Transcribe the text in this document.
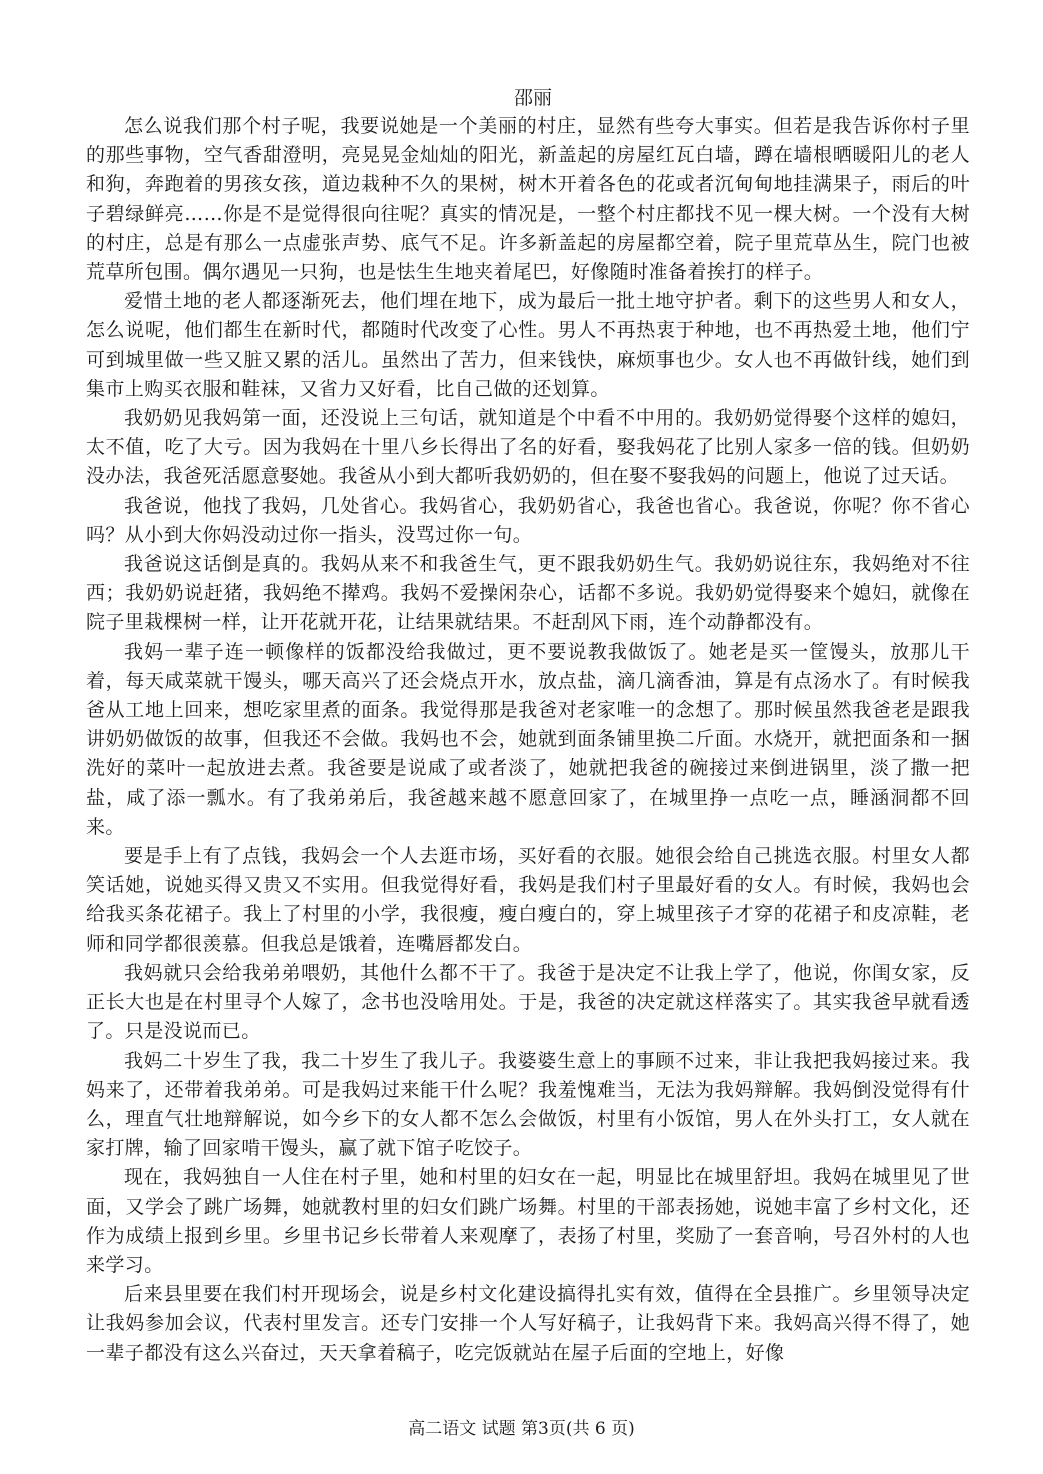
邵丽

怎么说我们那个村子呢，我要说她是一个美丽的村庄，显然有些夸大事实。但若是我告诉你村子里的那些事物，空气香甜澄明，亮晃晃金灿灿的阳光，新盖起的房屋红瓦白墙，蹲在墙根晒暖阳儿的老人和狗，奔跑着的男孩女孩，道边栽种不久的果树，树木开着各色的花或者沉甸甸地挂满果子，雨后的叶子碧绿鲜亮……你是不是觉得很向往呢？真实的情况是，一整个村庄都找不见一棵大树。一个没有大树的村庄，总是有那么一点虚张声势、底气不足。许多新盖起的房屋都空着，院子里荒草丛生，院门也被荒草所包围。偶尔遇见一只狗，也是怯生生地夹着尾巴，好像随时准备着挨打的样子。

爱惜土地的老人都逐渐死去，他们埋在地下，成为最后一批土地守护者。剩下的这些男人和女人，怎么说呢，他们都生在新时代，都随时代改变了心性。男人不再热衷于种地，也不再热爱土地，他们宁可到城里做一些又脏又累的活儿。虽然出了苦力，但来钱快，麻烦事也少。女人也不再做针线，她们到集市上购买衣服和鞋袜，又省力又好看，比自己做的还划算。

我奶奶见我妈第一面，还没说上三句话，就知道是个中看不中用的。我奶奶觉得娶个这样的媳妇，太不值，吃了大亏。因为我妈在十里八乡长得出了名的好看，娶我妈花了比别人家多一倍的钱。但奶奶没办法，我爸死活愿意娶她。我爸从小到大都听我奶奶的，但在娶不娶我妈的问题上，他说了过天话。

我爸说，他找了我妈，几处省心。我妈省心，我奶奶省心，我爸也省心。我爸说，你呢？你不省心吗？从小到大你妈没动过你一指头，没骂过你一句。

我爸说这话倒是真的。我妈从来不和我爸生气，更不跟我奶奶生气。我奶奶说往东，我妈绝对不往西；我奶奶说赶猪，我妈绝不撵鸡。我妈不爱操闲杂心，话都不多说。我奶奶觉得娶来个媳妇，就像在院子里栽棵树一样，让开花就开花，让结果就结果。不赶刮风下雨，连个动静都没有。

我妈一辈子连一顿像样的饭都没给我做过，更不要说教我做饭了。她老是买一筐馒头，放那儿干着，每天咸菜就干馒头，哪天高兴了还会烧点开水，放点盐，滴几滴香油，算是有点汤水了。有时候我爸从工地上回来，想吃家里煮的面条。我觉得那是我爸对老家唯一的念想了。那时候虽然我爸老是跟我讲奶奶做饭的故事，但我还不会做。我妈也不会，她就到面条铺里换二斤面。水烧开，就把面条和一捆洗好的菜叶一起放进去煮。我爸要是说咸了或者淡了，她就把我爸的碗接过来倒进锅里，淡了撒一把盐，咸了添一瓢水。有了我弟弟后，我爸越来越不愿意回家了，在城里挣一点吃一点，睡涵洞都不回来。

要是手上有了点钱，我妈会一个人去逛市场，买好看的衣服。她很会给自己挑选衣服。村里女人都笑话她，说她买得又贵又不实用。但我觉得好看，我妈是我们村子里最好看的女人。有时候，我妈也会给我买条花裙子。我上了村里的小学，我很瘦，瘦白瘦白的，穿上城里孩子才穿的花裙子和皮凉鞋，老师和同学都很羡慕。但我总是饿着，连嘴唇都发白。

我妈就只会给我弟弟喂奶，其他什么都不干了。我爸于是决定不让我上学了，他说，你闺女家，反正长大也是在村里寻个人嫁了，念书也没啥用处。于是，我爸的决定就这样落实了。其实我爸早就看透了。只是没说而已。

我妈二十岁生了我，我二十岁生了我儿子。我婆婆生意上的事顾不过来，非让我把我妈接过来。我妈来了，还带着我弟弟。可是我妈过来能干什么呢？我羞愧难当，无法为我妈辩解。我妈倒没觉得有什么，理直气壮地辩解说，如今乡下的女人都不怎么会做饭，村里有小饭馆，男人在外头打工，女人就在家打牌，输了回家啃干馒头，赢了就下馆子吃饺子。

现在，我妈独自一人住在村子里，她和村里的妇女在一起，明显比在城里舒坦。我妈在城里见了世面，又学会了跳广场舞，她就教村里的妇女们跳广场舞。村里的干部表扬她，说她丰富了乡村文化，还作为成绩上报到乡里。乡里书记乡长带着人来观摩了，表扬了村里，奖励了一套音响，号召外村的人也来学习。

后来县里要在我们村开现场会，说是乡村文化建设搞得扎实有效，值得在全县推广。乡里领导决定让我妈参加会议，代表村里发言。还专门安排一个人写好稿子，让我妈背下来。我妈高兴得不得了，她一辈子都没有这么兴奋过，天天拿着稿子，吃完饭就站在屋子后面的空地上，好像

高二语文 试题 第3页(共 6 页)
